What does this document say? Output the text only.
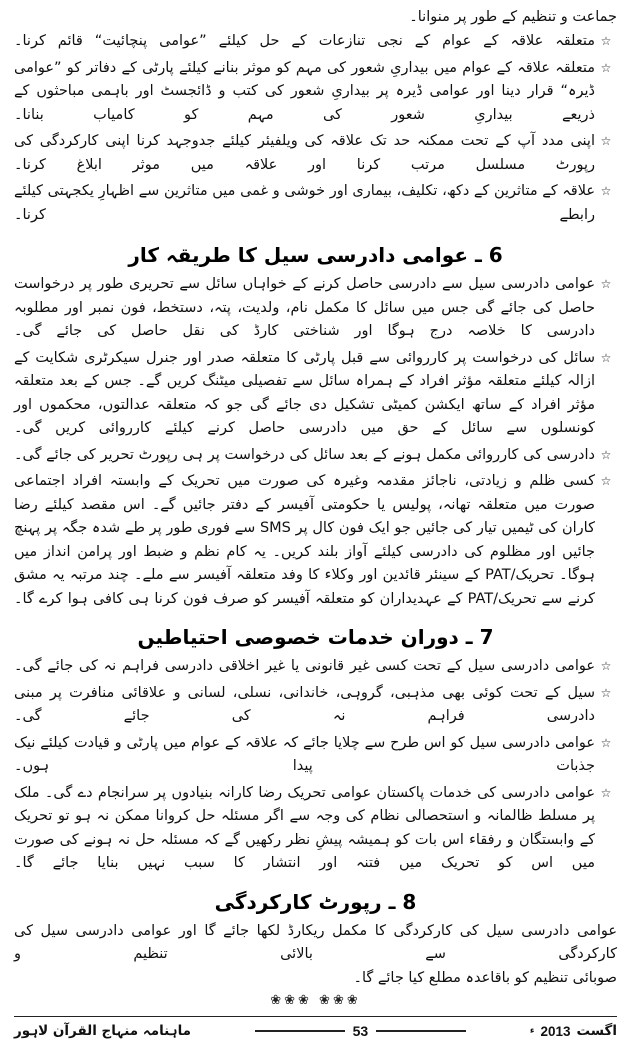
جماعت و تنظیم کے طور پر منوانا۔
☆
متعلقہ علاقہ کے عوام کے نجی تنازعات کے حل کیلئے ”عوامی پنچائیت“ قائم کرنا۔
☆
متعلقہ علاقہ کے عوام میں بیداریِ شعور کی مہم کو موثر بنانے کیلئے پارٹی کے دفاتر کو ”عوامی ڈیرہ“ قرار دینا اور عوامی ڈیرہ پر بیداریِ شعور کی کتب و ڈائجسٹ اور باہمی مباحثوں کے ذریعے بیداریِ شعور کی مہم کو کامیاب بنانا۔
☆
اپنی مدد آپ کے تحت ممکنہ حد تک علاقہ کی ویلفیئر کیلئے جدوجہد کرنا اپنی کارکردگی کی رپورٹ مسلسل مرتب کرنا اور علاقہ میں موثر ابلاغ کرنا۔
☆
علاقہ کے متاثرین کے دکھ، تکلیف، بیماری اور خوشی و غمی میں متاثرین سے اظہارِ یکجہتی کیلئے رابطے کرنا۔
6 ـ عوامی دادرسی سیل کا طریقہ کار
☆
عوامی دادرسی سیل سے دادرسی حاصل کرنے کے خواہاں سائل سے تحریری طور پر درخواست حاصل کی جائے گی جس میں سائل کا مکمل نام، ولدیت، پتہ، دستخط، فون نمبر اور مطلوبہ دادرسی کا خلاصہ درج ہوگا اور شناختی کارڈ کی نقل حاصل کی جائے گی۔
☆
سائل کی درخواست پر کارروائی سے قبل پارٹی کا متعلقہ صدر اور جنرل سیکرٹری شکایت کے ازالہ کیلئے متعلقہ مؤثر افراد کے ہمراہ سائل سے تفصیلی میٹنگ کریں گے۔ جس کے بعد متعلقہ مؤثر افراد کے ساتھ ایکشن کمیٹی تشکیل دی جائے گی جو کہ متعلقہ عدالتوں، محکموں اور کونسلوں سے سائل کے حق میں دادرسی حاصل کرنے کیلئے کارروائی کریں گی۔
☆
دادرسی کی کارروائی مکمل ہونے کے بعد سائل کی درخواست پر ہی رپورٹ تحریر کی جائے گی۔
☆
کسی ظلم و زیادتی، ناجائز مقدمہ وغیرہ کی صورت میں تحریک کے وابستہ افراد اجتماعی صورت میں متعلقہ تھانہ، پولیس یا حکومتی آفیسر کے دفتر جائیں گے۔ اس مقصد کیلئے رضا کاران کی ٹیمیں تیار کی جائیں جو ایک فون کال پر SMS سے فوری طور پر طے شدہ جگہ پر پہنچ جائیں اور مظلوم کی دادرسی کیلئے آواز بلند کریں۔ یہ کام نظم و ضبط اور پرامن انداز میں ہوگا۔ تحریک/PAT کے سینئر قائدین اور وکلاء کا وفد متعلقہ آفیسر سے ملے۔ چند مرتبہ یہ مشق کرنے سے تحریک/PAT کے عہدیداران کو متعلقہ آفیسر کو صرف فون کرنا ہی کافی ہوا کرے گا۔
7 ـ دوران خدمات خصوصی احتیاطیں
☆
عوامی دادرسی سیل کے تحت کسی غیر قانونی یا غیر اخلاقی دادرسی فراہم نہ کی جائے گی۔
☆
سیل کے تحت کوئی بھی مذہبی، گروہی، خاندانی، نسلی، لسانی و علاقائی منافرت پر مبنی دادرسی فراہم نہ کی جائے گی۔
☆
عوامی دادرسی سیل کو اس طرح سے چلایا جائے کہ علاقہ کے عوام میں پارٹی و قیادت کیلئے نیک جذبات پیدا ہوں۔
☆
عوامی دادرسی کی خدمات پاکستان عوامی تحریک رضا کارانہ بنیادوں پر سرانجام دے گی۔ ملک پر مسلط ظالمانہ و استحصالی نظام کی وجہ سے اگر مسئلہ حل کروانا ممکن نہ ہو تو تحریک کے وابستگان و رفقاء اس بات کو ہمیشہ پیشِ نظر رکھیں گے کہ مسئلہ حل نہ ہونے کی صورت میں اس کو تحریک میں فتنہ اور انتشار کا سبب نہیں بنایا جائے گا۔
8 ـ رپورٹ کارکردگی
عوامی دادرسی سیل کی کارکردگی کا مکمل ریکارڈ لکھا جائے گا اور عوامی دادرسی سیل کی کارکردگی سے بالائی تنظیم و
صوبائی تنظیم کو باقاعدہ مطلع کیا جائے گا۔
❀❀❀ ❀❀❀
اگست
2013
ء
53
ماہنامہ منہاج القرآن لاہور
